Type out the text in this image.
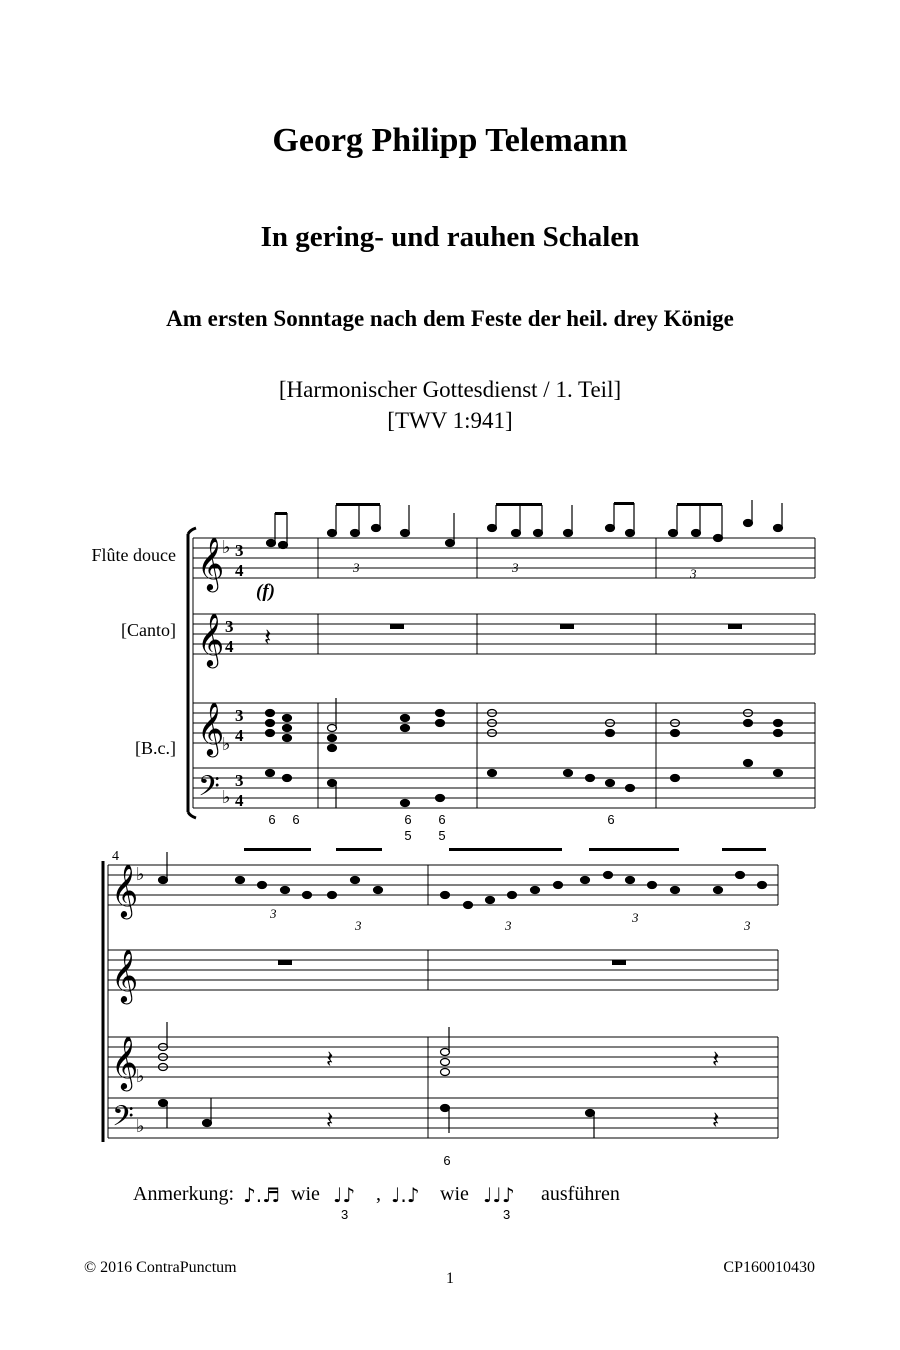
Georg Philipp Telemann
In gering- und rauhen Schalen
Am ersten Sonntage nach dem Feste der heil. drey Könige
[Harmonischer Gottesdienst / 1. Teil]
[TWV 1:941]
Flûte douce
[Canto]
[B.c.]
𝄞
𝄞
𝄞
𝄢
♭
♭
♭
3
4
3
4
3
4
3
4
𝄞
𝄞
𝄞
𝄢
♭
♭
♭
(f)
4
3	3	3
3
3	3
3
3
𝄽
𝄽
𝄽
𝄽
𝄽
6	6	6
5
6
5
6
6
Anmerkung: ♪.♬ wie ♩♪
3
, ♩.♪ wie ♩♩♪
3
ausführen
© 2016 ContraPunctum
1
CP160010430
